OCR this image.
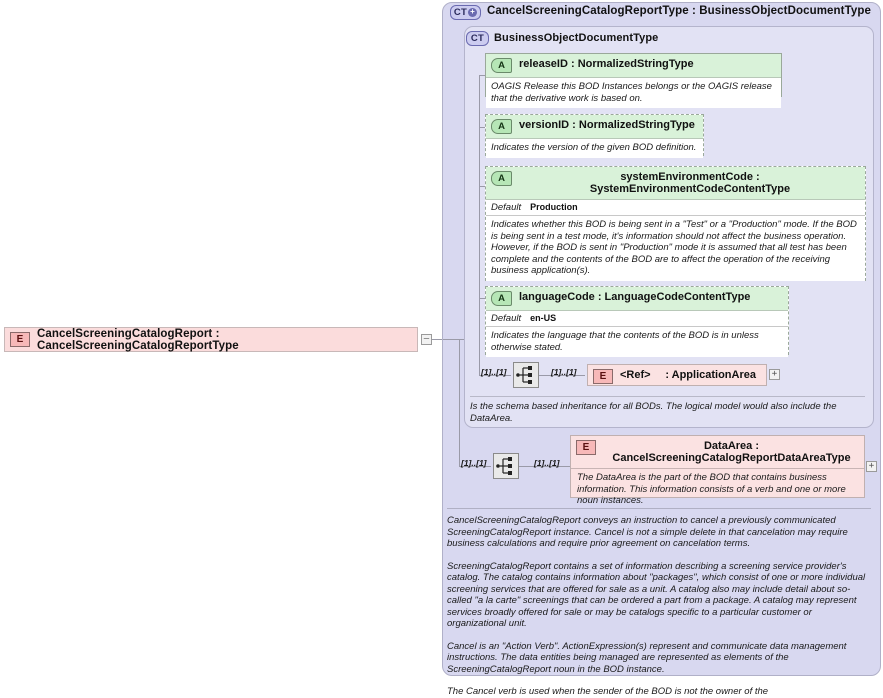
E	CancelScreeningCatalogReport : CancelScreeningCatalogReportType
–
CT +	CancelScreeningCatalogReportType : BusinessObjectDocumentType
CT BusinessObjectDocumentType
A	releaseID : NormalizedStringType
OAGIS Release this BOD Instances belongs or the OAGIS release that the derivative work is based on.
A	versionID : NormalizedStringType
Indicates the version of the given BOD definition.
A	systemEnvironmentCode : SystemEnvironmentCodeContentType
Default Production
Indicates whether this BOD is being sent in a "Test" or a "Production" mode. If the BOD is being sent in a test mode, it's information should not affect the business operation. However, if the BOD is sent in "Production" mode it is assumed that all test has been complete and the contents of the BOD are to affect the operation of the receiving business application(s).
A	languageCode : LanguageCodeContentType
Default en-US
Indicates the language that the contents of the BOD is in unless otherwise stated.
[1]..[1]	[1]..[1]	E	<Ref>	: ApplicationArea	+
Is the schema based inheritance for all BODs. The logical model would also include the DataArea.
[1]..[1]	[1]..[1]
E	DataArea : CancelScreeningCatalogReportDataAreaType
The DataArea is the part of the BOD that contains business information. This information consists of a verb and one or more noun instances.
+

CancelScreeningCatalogReport conveys an instruction to cancel a previously communicated ScreeningCatalogReport instance. Cancel is not a simple delete in that cancelation may require business calculations and require prior agreement on cancelation terms.

ScreeningCatalogReport contains a set of information describing a screening service provider's catalog. The catalog contains information about "packages", which consist of one or more individual screening services that are offered for sale as a unit. A catalog also may include detail about so-called "a la carte" screenings that can be ordered a part from a package. A catalog may represent services broadly offered for sale or may be catalogs specific to a particular customer or organizational unit.

Cancel is an "Action Verb". ActionExpression(s) represent and communicate data management instructions. The data entities being managed are represented as elements of the ScreeningCatalogReport noun in the BOD instance.

The Cancel verb is used when the sender of the BOD is not the owner of the
